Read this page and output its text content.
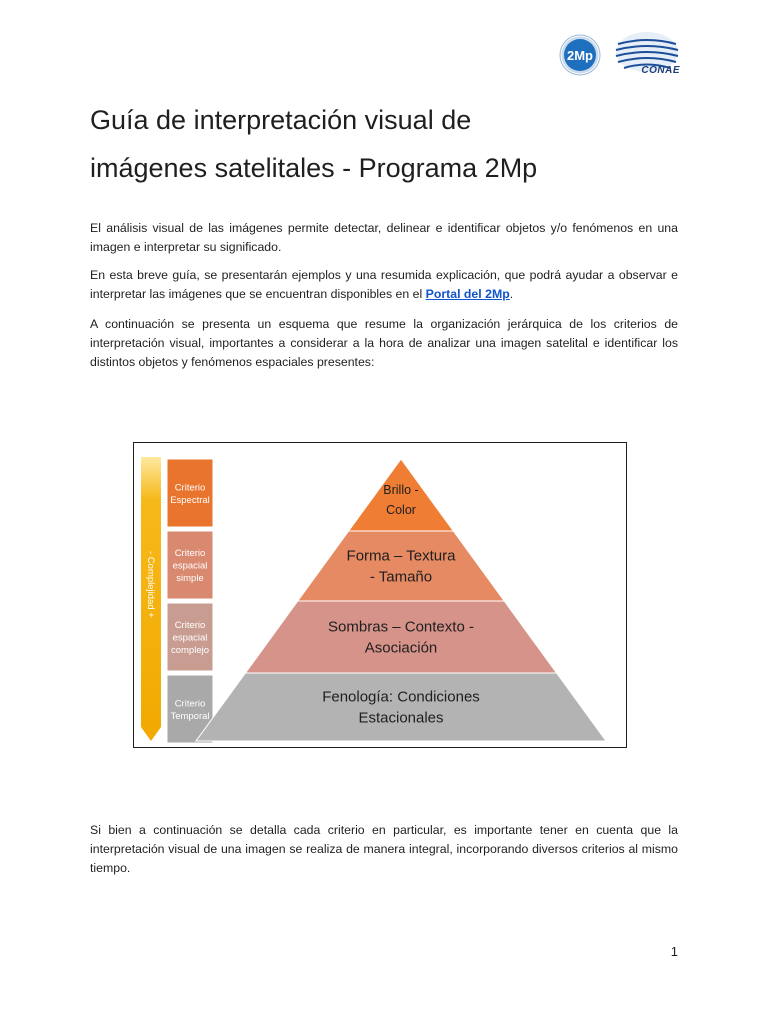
2Mp
CONAE
Guía de interpretación visual de
imágenes satelitales - Programa 2Mp

El análisis visual de las imágenes permite detectar, delinear e identificar objetos y/o fenómenos en una imagen e interpretar su significado.

En esta breve guía, se presentarán ejemplos y una resumida explicación, que podrá ayudar a observar e interpretar las imágenes que se encuentran disponibles en el Portal del 2Mp.

A continuación se presenta un esquema que resume la organización jerárquica de los criterios de interpretación visual, importantes a considerar a la hora de analizar una imagen satelital e identificar los distintos objetos y fenómenos espaciales presentes:

- Complejidad +
Criterio
Espectral
Criterio
espacial
simple
Criterio
espacial
complejo
Criterio
Temporal
Brillo -
Color
Forma – Textura
- Tamaño
Sombras – Contexto -
Asociación
Fenología: Condiciones
Estacionales

Si bien a continuación se detalla cada criterio en particular, es importante tener en cuenta que la interpretación visual de una imagen se realiza de manera integral, incorporando diversos criterios al mismo tiempo.

1
